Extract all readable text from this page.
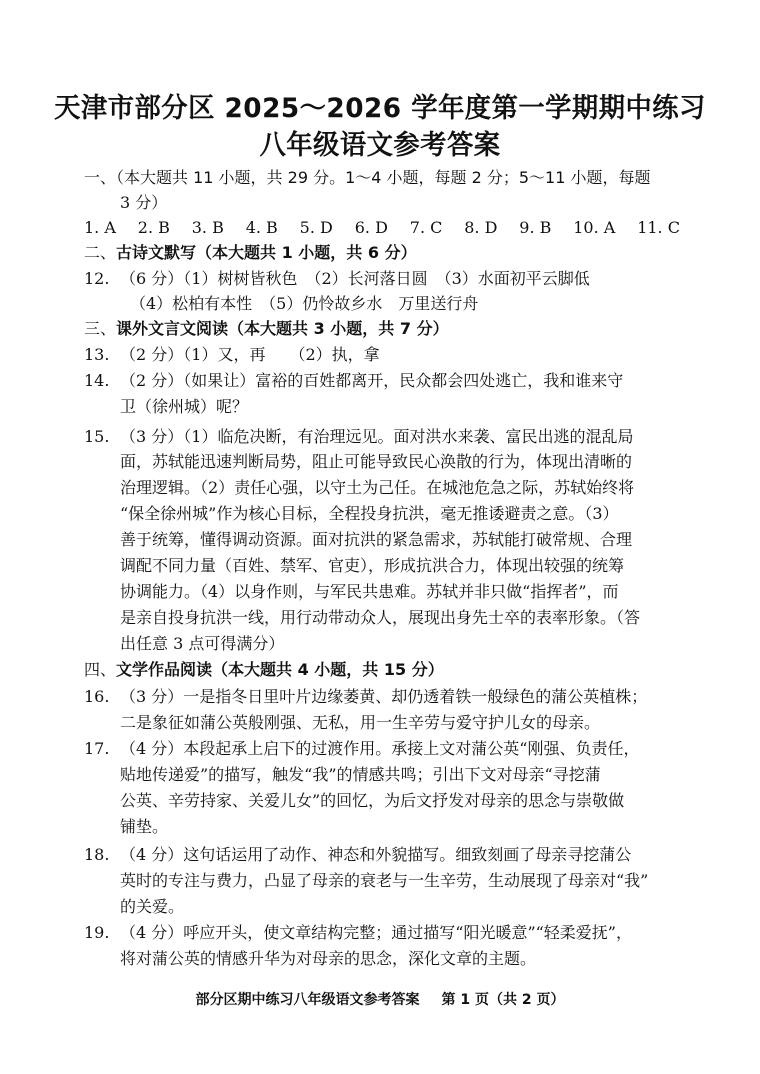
天津市部分区 2025～2026 学年度第一学期期中练习
八年级语文参考答案
一、（本大题共 11 小题，共 29 分。1～4 小题，每题 2 分；5～11 小题，每题
3 分）
1. A 2. B 3. B 4. B 5. D 6. D 7. C 8. D 9. B 10. A 11. C
二、古诗文默写（本大题共 1 小题，共 6 分）
12. （6 分）（1）树树皆秋色　（2）长河落日圆　（3）水面初平云脚低
（4）松柏有本性　（5）仍怜故乡水　万里送行舟
三、课外文言文阅读（本大题共 3 小题，共 7 分）
13. （2 分）（1）又，再　　（2）执，拿
14. （2 分）（如果让）富裕的百姓都离开，民众都会四处逃亡，我和谁来守
卫（徐州城）呢？
15. （3 分）（1）临危决断，有治理远见。面对洪水来袭、富民出逃的混乱局
面，苏轼能迅速判断局势，阻止可能导致民心涣散的行为，体现出清晰的
治理逻辑。（2）责任心强，以守土为己任。在城池危急之际，苏轼始终将
“保全徐州城”作为核心目标，全程投身抗洪，毫无推诿避责之意。（3）
善于统筹，懂得调动资源。面对抗洪的紧急需求，苏轼能打破常规、合理
调配不同力量（百姓、禁军、官吏），形成抗洪合力，体现出较强的统筹
协调能力。（4）以身作则，与军民共患难。苏轼并非只做“指挥者”，而
是亲自投身抗洪一线，用行动带动众人，展现出身先士卒的表率形象。（答
出任意 3 点可得满分）
四、文学作品阅读（本大题共 4 小题，共 15 分）
16. （3 分）一是指冬日里叶片边缘萎黄、却仍透着铁一般绿色的蒲公英植株；
二是象征如蒲公英般刚强、无私，用一生辛劳与爱守护儿女的母亲。
17. （4 分）本段起承上启下的过渡作用。承接上文对蒲公英“刚强、负责任，
贴地传递爱”的描写，触发“我”的情感共鸣；引出下文对母亲“寻挖蒲
公英、辛劳持家、关爱儿女”的回忆，为后文抒发对母亲的思念与崇敬做
铺垫。
18. （4 分）这句话运用了动作、神态和外貌描写。细致刻画了母亲寻挖蒲公
英时的专注与费力，凸显了母亲的衰老与一生辛劳，生动展现了母亲对“我”
的关爱。
19. （4 分）呼应开头，使文章结构完整；通过描写“阳光暖意”“轻柔爱抚”，
将对蒲公英的情感升华为对母亲的思念，深化文章的主题。
部分区期中练习八年级语文参考答案 第 1 页（共 2 页）
